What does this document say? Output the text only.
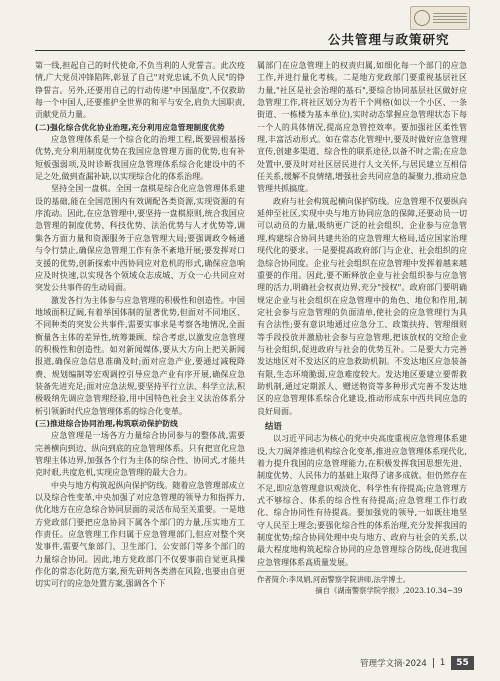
公共管理与政策研究

第一线,担起自己的时代使命,不负当利的人党誓言。此次疫情,广大党员冲锋陷阵,彰显了自己"对党忠诚,不负人民"的铮铮誓言。另外,还要用自己的行动传递"中国温度",不仅救助每一个中国人,还要推护全世界的和平与安全,肩负大国职责,贡献党员力量。

(二)强化综合优化协业治理,充分利用应急管理制度优势

应急管理体系是一个综合化的治理工程,既要固根基扬优势,充分利用制度优势在我国应急管理方面的优势,也有补短板强弱项,及时诊断我国应急管理体系综合化建设中的不足之处,做到查漏补缺,以实现综合化的体系治理。

坚持全国一盘棋。全国一盘棋是综合化应急管理体系建设的基础,能在全国范围内有效调配各类资源,实现资源的有序流动。因此,在应急管理中,要坚持一盘棋原则,统合我国应急管理的制度优势、科技优势、法治优势与人才优势等,调集各方面力量和资源服务于应急管理大局;要强调政令畅通与令行禁止,确保应急管理工作有条不紊地开展;要发挥对口支援的优势,创新探索中西协同应对危机的形式,确保应急响应及时快速,以实现各个领域众志成城、万众一心共同应对突发公共事件的生动局面。

激发各行为主体参与应急管理的积极性和创造性。中国地域面积辽阔,有着举国体制的显著优势,但面对不同地区、不同种类的突发公共事件,需要实事求是考察各地情况,全面衡量各主体的差异性,统筹兼顾、综合考虑,以激发应急管理的积极性和创造性。如对新闻媒体,要从大方向上把关新闻报道,确保应急信息准确及时;面对应急产业,要通过减税降费、规划编制等宏观调控引导应急产业有序开展,确保应急装备先进充足;面对应急法规,要坚持平行立法、科学立法,积极吸纳先调应急管理经验,用中国特色社会主义法治体系分析引领新时代应急管理体系的综合化变革。

(三)推进综合协同治理,构筑联动保护防线

应急管理是一场各方力量综合协同参与的整体战,需要完善横向到边、纵向到底的应急管理体系。只有把宣化应急管理主体边界,加强各个行为主体的综合性、协同式,才能共克时艰,共度危机,实现应急管理的最大合力。

中央与地方构筑起纵向保护防线。随着应急管理部成立以及综合性变革,中央加强了对应急管理的领导力和指挥力,优化地方在应急综合协同层面的灵活布局至关重要。一是地方党政部门要把应急协同下属各个部门的力量,压实地方工作责任。应急管理工作归属于应急管理部门,但应对整个突发事件,需要气象部门、卫生部门、公安部门等多个部门的力量综合协同。因此,地方党政部门不仅要事前自觉更具操作化的常态化防范方案,预先研判各类潜在风险,也要由自更切实可行的应急处置方案,强调各个下

属部门在应急管理上的权责归属,如细化每一个部门的应急工作,并进行量化考核。二是地方党政部门要重视基层社区力量,"社区是社会治理的基石",要综合协同基层社区做好应急管理工作,将社区划分为若干个网格(如以一个小区、一条街道、一栋楼为基本单位),实时动态掌握应急管理状态下每一个人的具体情况,提高应急管控效率。要加强社区柔性管理,丰富活动形式。如在常态化管理中,要及时做好应急管理宣传,创建多渠道、综合性的联系途径,以备不时之需;在应急处置中,要及时对社区居民进行人文关怀,与居民建立互相信任关系,缓解不良情绪,增强社会共同应急的凝聚力,推动应急管理共抓搞度。

政府与社会构筑起横向保护防线。应急管理不仅要纵向延伸至社区,实现中央与地方协同应急的保障,还要动员一切可以动员的力量,吸纳更广泛的社会组织、企业参与应急管理,构建综合协同共建共治的应急管理大格局,适应国家治理现代化的要求。一是要提高政府部门与企业、社会组织的应急综合协同度。企业与社会组织在应急管理中发挥着越来越重要的作用。因此,要不断释放企业与社会组织参与应急管理的活力,明确社会权责边界,充分"授权"。政府部门要明确规定企业与社会组织在应急管理中的角色、地位和作用,制定社会参与应急管理的负面清单,使社会的应急管理行为具有合法性;要有意识地通过应急分工、政策扶持、管理细则等手段投放并激励社会参与应急管理,把该放权的交给企业与社会组织,促进政府与社会的优势互补。二是要大力完善发达地区对不发达区的应急救助机制。不发达地区应急装备有限,生态环境脆弱,应急难度较大。发达地区要建立要帮救助机制,通过定期派人、赠送物资等多种形式完善不发达地区的应急管理体系综合化建设,推动形成东中西共同应急的良好局面。

结语

以习近平同志为核心的党中央高度重视应急管理体系建设,大刀阔斧推进机构综合化变革,推进应急管理体系现代化,着力提升我国的应急管理能力,在积极发挥我国思想先进、制度优势、人民伟力的基础上取得了诸多成就。但仍然存在不足,即应急管理意识观淡化、科学性有待提高;应急管理方式不够综合、体系的综合性有待提高;应急管理工作行政化、综合协同性有待提高。要加强党的领导,一如既往地坚守人民至上理念;要强化综合性的体系治理,充分发挥我国的制度优势;综合协同处理中央与地方、政府与社会的关系,以最大程度地构筑起综合协同的应急管理综合防线,促进我国应急管理体系高质量发展。

作者简介:李凤娟,河南警察学院讲师,法学博士。

摘自《湖南警察学院学报》,2023.10.34~39

管理学文摘·2024 1	55
